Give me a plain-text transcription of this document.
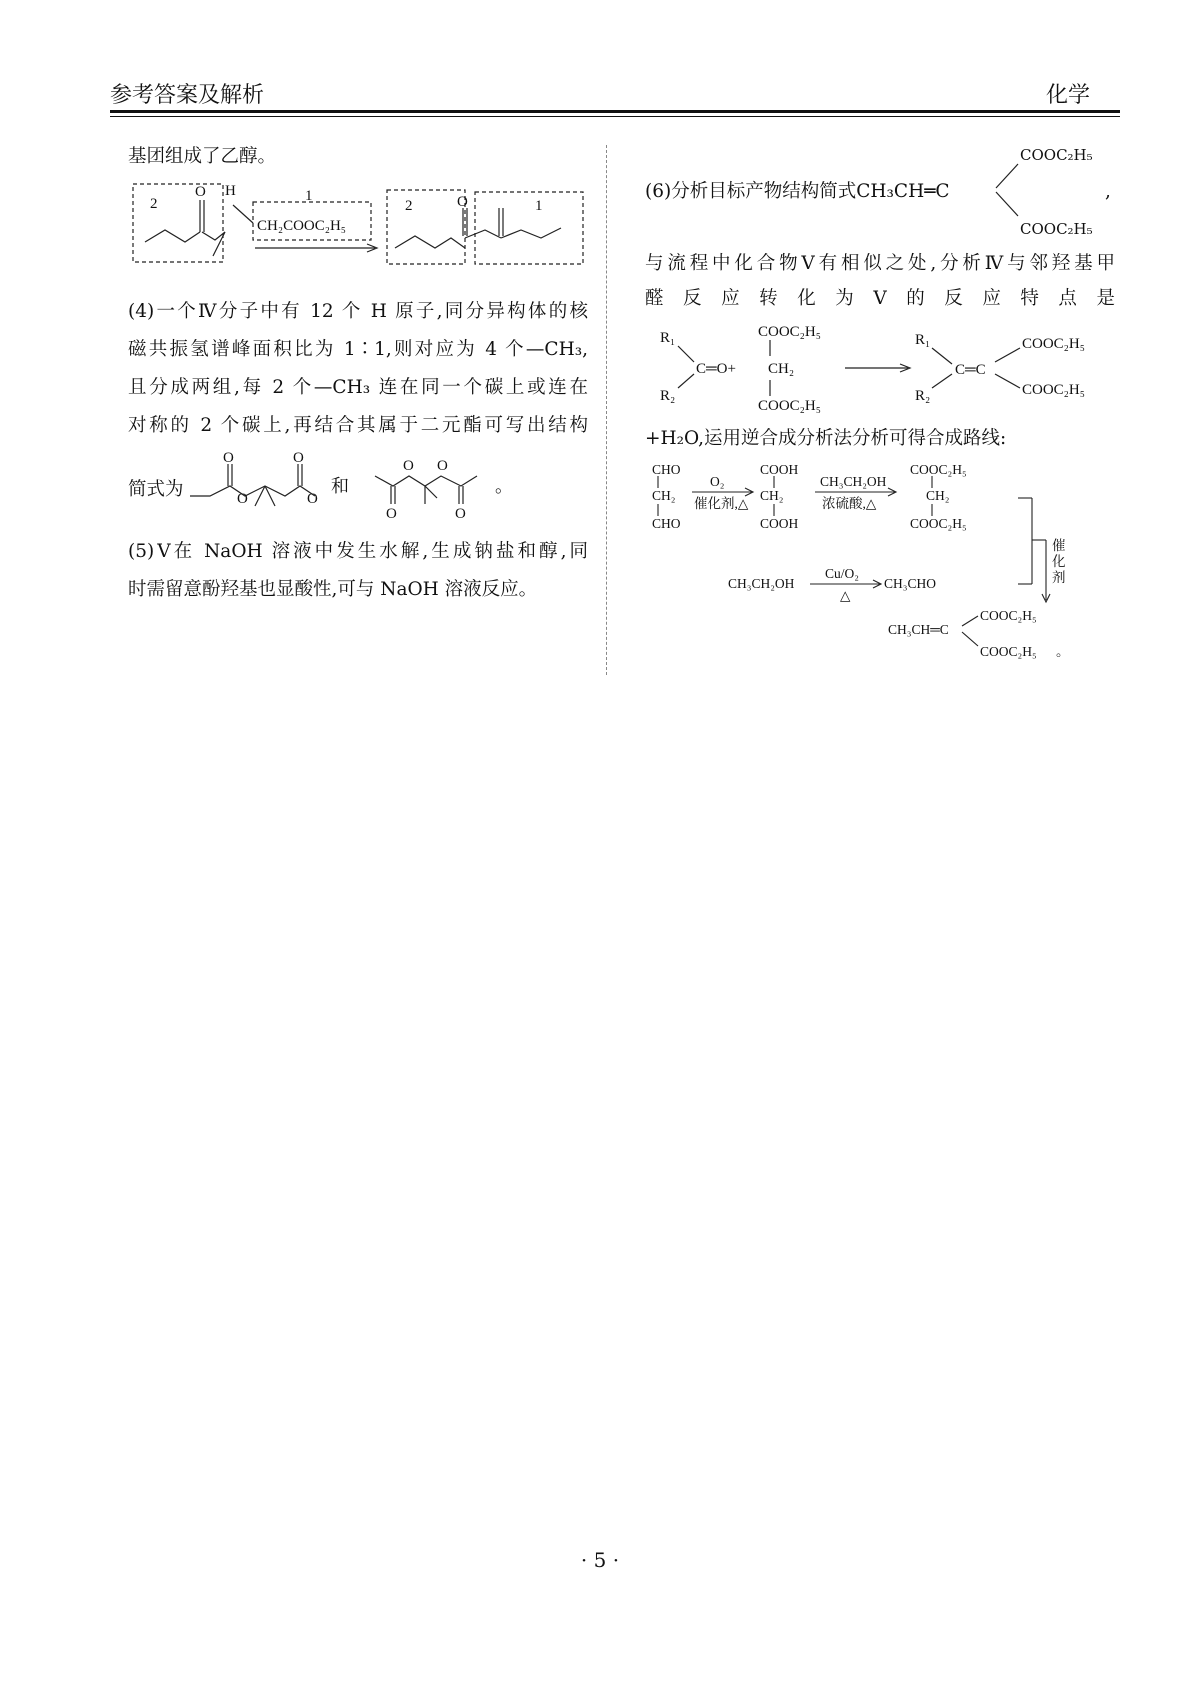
参考答案及解析	化学
基团组成了乙醇。
2
O H	1
CH₂COOC₂H₅
2	O	1
(4)一个Ⅳ分子中有 12 个 H 原子,同分异构体的核
磁共振氢谱峰面积比为 1∶1,则对应为 4 个—CH₃,
且分成两组,每 2 个—CH₃ 连在同一个碳上或连在
对称的 2 个碳上,再结合其属于二元酯可写出结构
简式为
O	O
O	O
和
O O
O	O
。
(5)Ⅴ在 NaOH 溶液中发生水解,生成钠盐和醇,同
时需留意酚羟基也显酸性,可与 NaOH 溶液反应。
COOC₂H₅
(6)分析目标产物结构简式CH₃CH═C	,
COOC₂H₅
与流程中化合物Ⅴ有相似之处,分析Ⅳ与邻羟基甲
醛反应转化为Ⅴ的反应特点是
R₁
R₂
C═O+ CH₂
COOC₂H₅
COOC₂H₅
R₁
R₂
C═C
COOC₂H₅
COOC₂H₅
+H₂O,运用逆合成分析法分析可得合成路线:
CHO
CH₂
CHO
O₂
催化剂,△
COOH
CH₂
COOH
CH₃CH₂OH
浓硫酸,△
COOC₂H₅
CH₂
COOC₂H₅
催
化
剂
CH₃CH₂OH
Cu/O₂
△
CH₃CHO
CH₃CH═C
COOC₂H₅
COOC₂H₅ 。
· 5 ·
